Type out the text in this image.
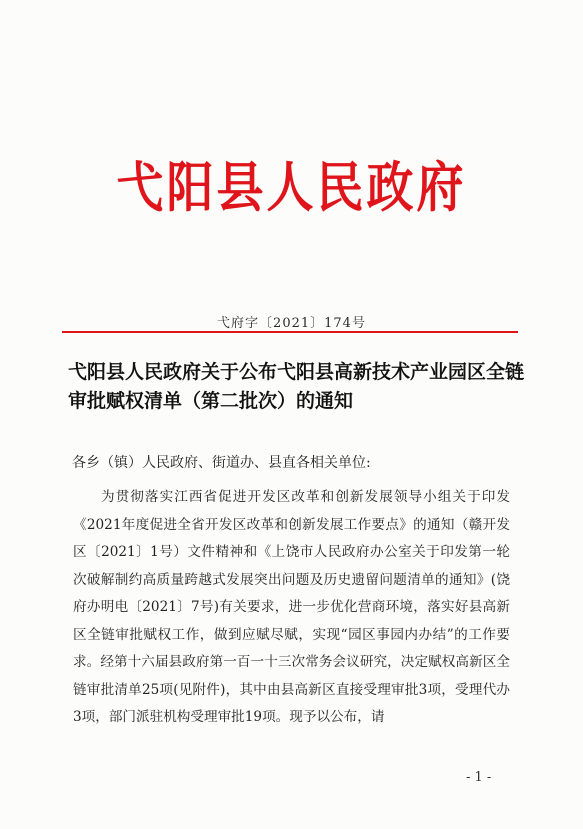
弋阳县人民政府
弋府字〔2021〕174号
弋阳县人民政府关于公布弋阳县高新技术产业园区全链审批赋权清单（第二批次）的通知
各乡（镇）人民政府、街道办、县直各相关单位:
为贯彻落实江西省促进开发区改革和创新发展领导小组关于印发《2021年度促进全省开发区改革和创新发展工作要点》的通知（赣开发区〔2021〕1号）文件精神和《上饶市人民政府办公室关于印发第一轮次破解制约高质量跨越式发展突出问题及历史遗留问题清单的通知》(饶府办明电〔2021〕7号)有关要求，进一步优化营商环境，落实好县高新区全链审批赋权工作，做到应赋尽赋，实现“园区事园内办结”的工作要求。经第十六届县政府第一百一十三次常务会议研究，决定赋权高新区全链审批清单25项(见附件)，其中由县高新区直接受理审批3项，受理代办3项，部门派驻机构受理审批19项。现予以公布，请
- 1 -
